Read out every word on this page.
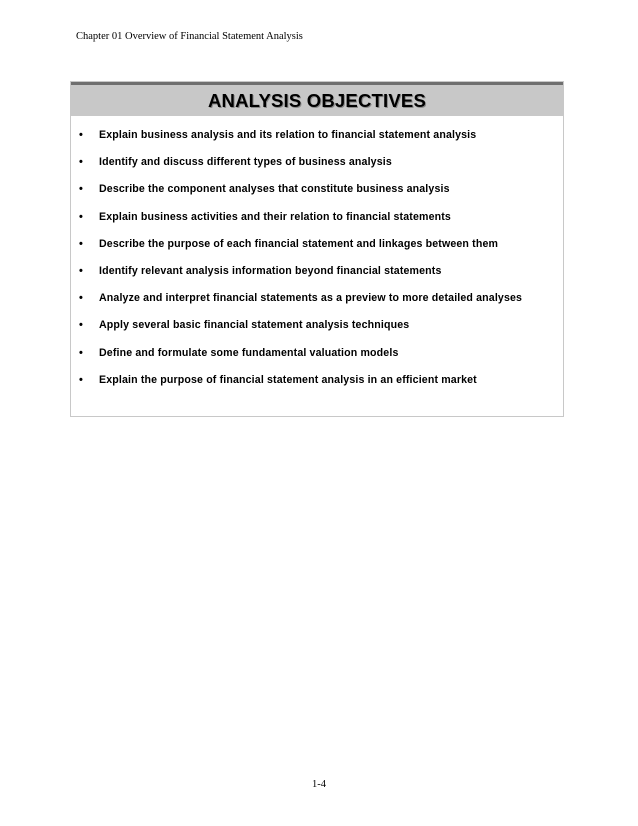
Chapter 01 Overview of Financial Statement Analysis
ANALYSIS OBJECTIVES
• Explain business analysis and its relation to financial statement analysis
• Identify and discuss different types of business analysis
• Describe the component analyses that constitute business analysis
• Explain business activities and their relation to financial statements
• Describe the purpose of each financial statement and linkages between them
• Identify relevant analysis information beyond financial statements
• Analyze and interpret financial statements as a preview to more detailed analyses
• Apply several basic financial statement analysis techniques
• Define and formulate some fundamental valuation models
• Explain the purpose of financial statement analysis in an efficient market
1-4
